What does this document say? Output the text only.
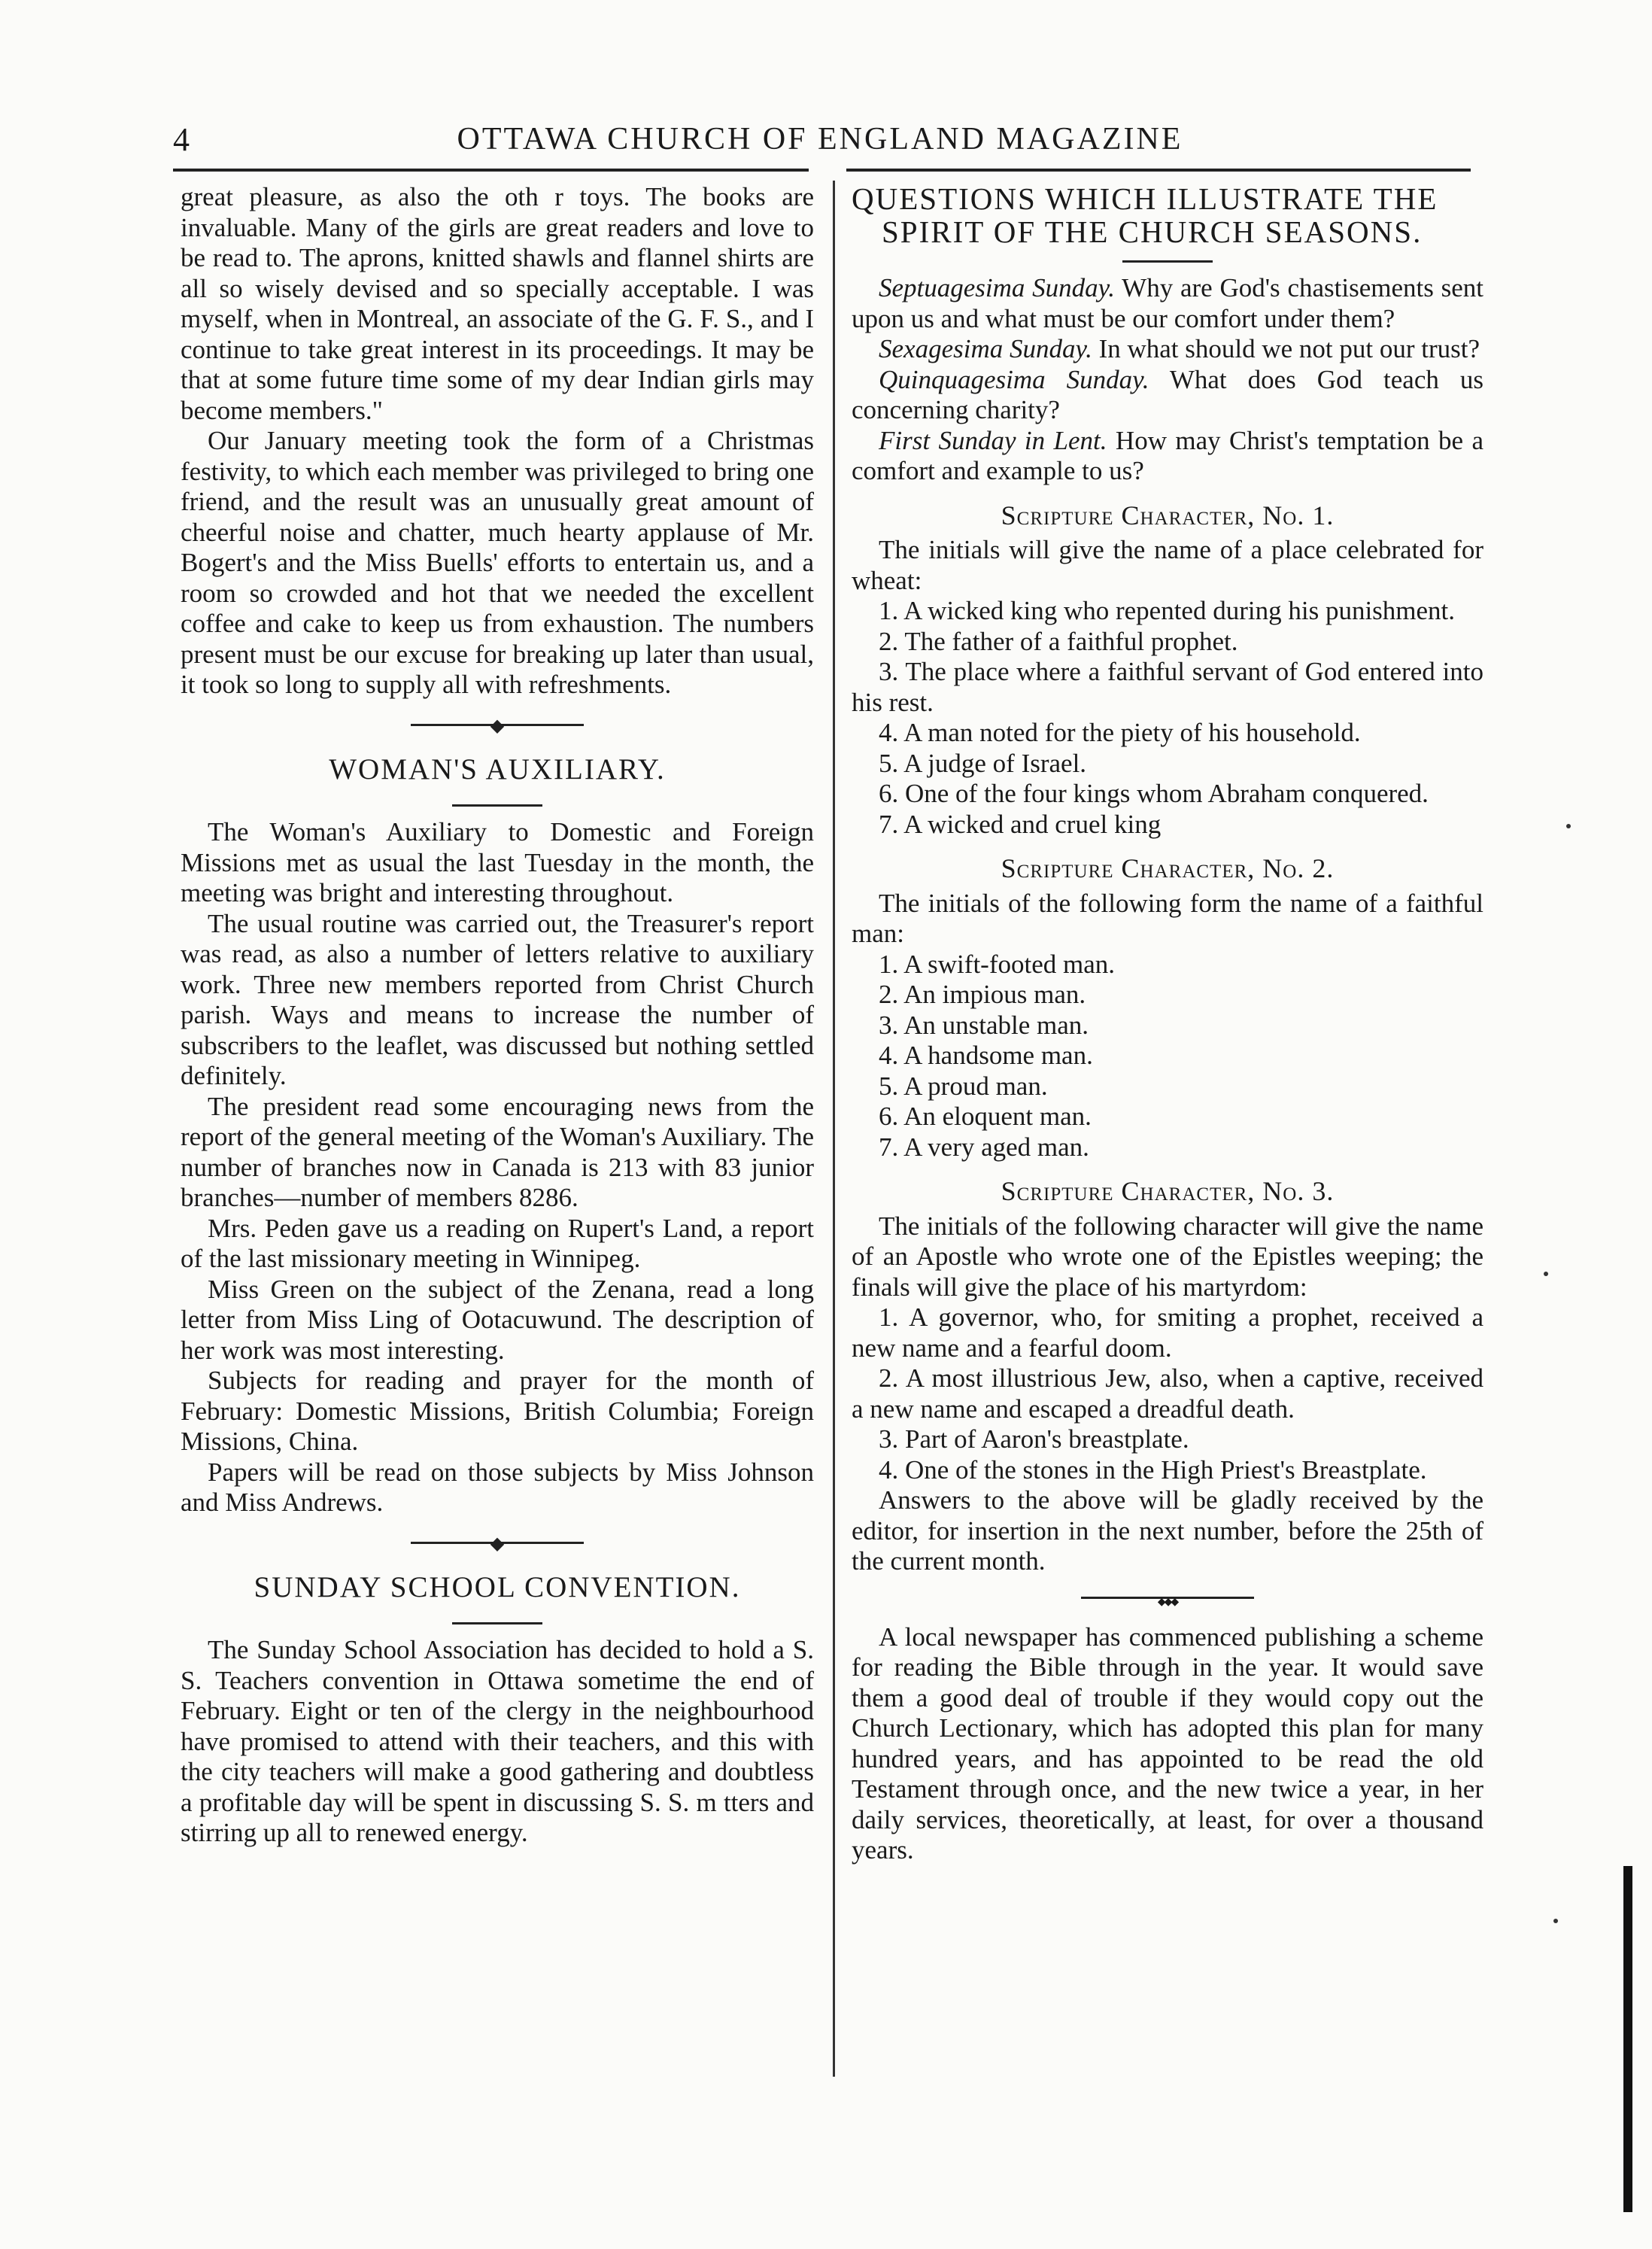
4	OTTAWA CHURCH OF ENGLAND MAGAZINE

great pleasure, as also the oth r toys. The books are invaluable. Many of the girls are great readers and love to be read to. The aprons, knitted shawls and flannel shirts are all so wisely devised and so specially acceptable. I was myself, when in Montreal, an associate of the G. F. S., and I continue to take great interest in its proceedings. It may be that at some future time some of my dear Indian girls may become members."

Our January meeting took the form of a Christmas festivity, to which each member was privileged to bring one friend, and the result was an unusually great amount of cheerful noise and chatter, much hearty applause of Mr. Bogert's and the Miss Buells' efforts to entertain us, and a room so crowded and hot that we needed the excellent coffee and cake to keep us from exhaustion. The numbers present must be our excuse for breaking up later than usual, it took so long to supply all with refreshments.

◆
WOMAN'S AUXILIARY.

The Woman's Auxiliary to Domestic and Foreign Missions met as usual the last Tuesday in the month, the meeting was bright and interesting throughout.

The usual routine was carried out, the Treasurer's report was read, as also a number of letters relative to auxiliary work. Three new members reported from Christ Church parish. Ways and means to increase the number of subscribers to the leaflet, was discussed but nothing settled definitely.

The president read some encouraging news from the report of the general meeting of the Woman's Auxiliary. The number of branches now in Canada is 213 with 83 junior branches—number of members 8286.

Mrs. Peden gave us a reading on Rupert's Land, a report of the last missionary meeting in Winnipeg.

Miss Green on the subject of the Zenana, read a long letter from Miss Ling of Ootacuwund. The description of her work was most interesting.

Subjects for reading and prayer for the month of February: Domestic Missions, British Columbia; Foreign Missions, China.

Papers will be read on those subjects by Miss Johnson and Miss Andrews.

◆
SUNDAY SCHOOL CONVENTION.

The Sunday School Association has decided to hold a S. S. Teachers convention in Ottawa sometime the end of February. Eight or ten of the clergy in the neighbourhood have promised to attend with their teachers, and this with the city teachers will make a good gathering and doubtless a profitable day will be spent in discussing S. S. m tters and stirring up all to renewed energy.

QUESTIONS WHICH ILLUSTRATE THE
SPIRIT OF THE CHURCH SEASONS.

Septuagesima Sunday. Why are God's chastisements sent upon us and what must be our comfort under them?

Sexagesima Sunday. In what should we not put our trust?

Quinquagesima Sunday. What does God teach us concerning charity?

First Sunday in Lent. How may Christ's temptation be a comfort and example to us?

Scripture Character, No. 1.

The initials will give the name of a place celebrated for wheat:

1. A wicked king who repented during his punishment.
2. The father of a faithful prophet.
3. The place where a faithful servant of God entered into his rest.
4. A man noted for the piety of his household.
5. A judge of Israel.
6. One of the four kings whom Abraham conquered.
7. A wicked and cruel king
Scripture Character, No. 2.

The initials of the following form the name of a faithful man:

1. A swift-footed man.
2. An impious man.
3. An unstable man.
4. A handsome man.
5. A proud man.
6. An eloquent man.
7. A very aged man.
Scripture Character, No. 3.

The initials of the following character will give the name of an Apostle who wrote one of the Epistles weeping; the finals will give the place of his martyrdom:

1. A governor, who, for smiting a prophet, received a new name and a fearful doom.
2. A most illustrious Jew, also, when a captive, received a new name and escaped a dreadful death.
3. Part of Aaron's breastplate.
4. One of the stones in the High Priest's Breastplate.

Answers to the above will be gladly received by the editor, for insertion in the next number, before the 25th of the current month.

◆◆◆

A local newspaper has commenced publishing a scheme for reading the Bible through in the year. It would save them a good deal of trouble if they would copy out the Church Lectionary, which has adopted this plan for many hundred years, and has appointed to be read the old Testament through once, and the new twice a year, in her daily services, theoretically, at least, for over a thousand years.
